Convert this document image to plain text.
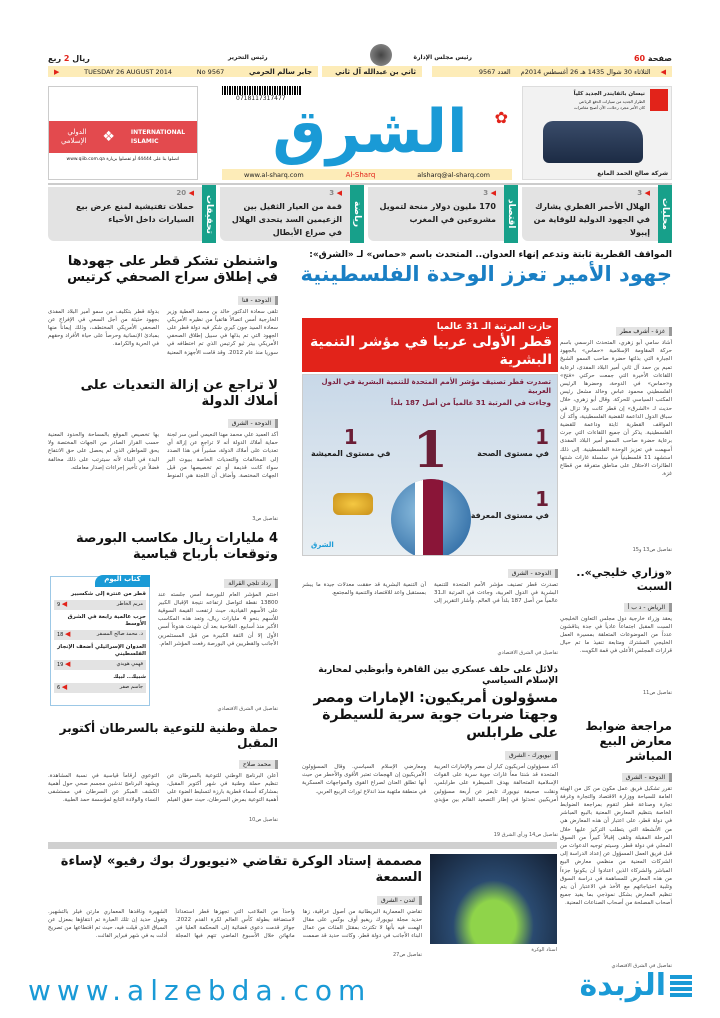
صفحة 60
رئيس مجلس الإدارة
رئيس التحرير
ريال 2 ربع
◀
الثلاثاء 30 شوال 1435 هـ 26 أغسطس 2014م
العدد 9567
ثاني بن عبدالله آل ثاني
جابر سالم الحرمي
No 9567
TUESDAY 26 AUGUST 2014
▶
نيسان باثفايندر الجديد كلياً
الطراز الجديد من سيارات الدفع الرباعي
كان الأمر مجرد رحلات، الآن أصبح مغامرات
شركة صالح الحمد المانع
0718117317477
الشرق	✿
alsharq@al-sharq.com
Al-Sharq
www.al-sharq.com
INTERNATIONAL
ISLAMIC
❖
الدولي
الإسلامي
اتصلوا بنا على 44444 أو تفضلوا بزيارة www.qiib.com.qa
محليات
◀ 3
الهلال الأحمر القطري يشارك في الجهود الدولية للوقاية من إيبولا
اقتصاد
◀ 3
170 مليون دولار منحة لتمويل مشروعين في المغرب
رياضة
◀ 3
قمة من العيار الثقيل بين الزعيمين السد يتحدى الهلال في صراع الأبطال
تحقيقات
◀ 20
حملات تفتيشية لمنع عرض بيع السيارات داخل الأحياء
المواقف القطرية ثابتة وتدعم إنهاء العدوان.. المتحدث باسم «حماس» لـ «الشرق»:
جهود الأمير تعزز الوحدة الفلسطينية
غزة - أشرف مطر
أشاد سامي أبو زهري، المتحدث الرسمي باسم حركة المقاومة الإسلامية «حماس» بالجهود الجبارة التي بذلتها حضرة صاحب السمو الشيخ تميم بن حمد آل ثاني أمير البلاد المفدى، لرعاية اللقاءات الأخيرة التي جمعت حركتي «فتح» و«حماس» في الدوحة، وحضرها الرئيس الفلسطيني محمود عباس وخالد مشعل رئيس المكتب السياسي للحركة. وقال أبو زهري، خلال حديث لـ «الشرق» إن قطر كانت ولا تزال في سباق الدول الداعمة للقضية الفلسطينية، وأكد أن المواقف القطرية ثابتة وداعمة للقضية الفلسطينية. يذكر أن جميع اللقاءات التي جرت برعاية حضرة صاحب السمو أمير البلاد المفدى أسهمت في تعزيز الوحدة الفلسطينية. إلى ذلك استشهد 11 فلسطينياً في سلسلة غارات شنتها الطائرات الاحتلال على مناطق متفرقة من قطاع غزة.
تفاصيل ص13 و15
«وزاري خليجي».. السبت
الرياض - د ب أ
يعقد وزراء خارجية دول مجلس التعاون الخليجي السبت المقبل اجتماعاً عادياً في جدة يناقشون عدداً من الموضوعات المتعلقة بمسيرة العمل الخليجي المشترك ومتابعة تنفيذ ما تم حيال قرارات المجلس الأعلى في قمة الكويت.
تفاصيل ص11
مراجعة ضوابط معارض البيع المباشر
الدوحة - الشرق
تقرر تشكيل فريق عمل مكون من كل من الهيئة العامة للسياحة ووزارة الاقتصاد والتجارة وغرفة تجارة وصناعة قطر لتقوم بمراجعة الضوابط الخاصة بتنظيم المعارض المعنية بالبيع المباشر في دولة قطر، على اعتبار أن هذه المعارض هي من الأنشطة التي يتطلب التركيز عليها خلال المرحلة المقبلة وتلقى إقبالاً كبيراً من السوق المحلي في دولة قطر. وسيتم توجيه الدعوات من قبل فريق العمل المسؤول عن إعداد الدراسة إلى الشركات المعنية من منظمي معارض البيع المباشر والشركاء الذين اعتادوا أن يكونوا جزءاً من هذه المعارض للمساهمة في دراسة السوق وتلبية احتياجاتهم مع الأخذ في الاعتبار أن يتم تنظيم المعارض بشكل نموذجي بما يفيد جميع أصحاب المصلحة من أصحاب الصناعات المعنية.
تفاصيل في الشرق الاقتصادي
حازت المرتبة الـ 31 عالميا
قطر الأولى عربيا في مؤشر التنمية البشرية
تصدرت قطر تصنيف مؤشر الأمم المتحدة للتنمية البشرية في الدول العربية
وجاءت في المرتبة 31 عالمياً من أصل 187 بلداً
1	1
في مستوى الصحة
1
في مستوى المعيشة
1
في مستوى المعرفة
الشرق
الدوحة - الشرق
تصدرت قطر تصنيف مؤشر الأمم المتحدة للتنمية البشرية في الدول العربية، وجاءت في المرتبة الـ31 عالمياً من أصل 187 بلداً في العالم. وأشار التقرير إلى أن التنمية البشرية قد حققت معدلات جيدة ما يبشر بمستقبل واعد للاقتصاد والتنمية والمجتمع.
تفاصيل في الشرق الاقتصادي
دلائل على حلف عسكري بين القاهرة وأبوظبي لمحاربة الإسلام السياسي
مسؤولون أمريكيون: الإمارات ومصر وجهتا ضربات جوية سرية للسيطرة على طرابلس
نيويورك - الشرق
أكد مسؤولون أمريكيون كبار أن مصر والإمارات العربية المتحدة قد شنتا معاً غارات جوية سرية على القوات الإسلامية المتحالفة بهدف السيطرة على طرابلس، ونقلت صحيفة نيويورك تايمز عن أربعة مسؤولين أمريكيين تحدثوا في إطار التصعيد القائم بين مؤيدي ومعارضي الإسلام السياسي. وقال المسؤولون الأمريكيون إن الهجمات تعتبر الأقوى والأخطر من حيث أنها تطلق العنان لصراع القوى والمواجهات العسكرية في منطقة ملتهبة منذ اندلاع ثورات الربيع العربي.
تفاصيل ص14 ورأي الشرق 19
واشنطن تشكر قطر على جهودها في إطلاق سراح الصحفي كرتيس
الدوحة - قنا
تلقى سعادة الدكتور خالد بن محمد العطية وزير الخارجية أمس اتصالاً هاتفياً من نظيره الأمريكي سعادة السيد جون كيري شكر فيه دولة قطر على الجهود التي تم بذلها في سبيل إطلاق الصحفي الأمريكي بيتر ثيو كرتيس الذي تم اختطافه في سوريا منذ عام 2012. وقد قامت الأجهزة المعنية بدولة قطر بتكليف من سمو أمير البلاد المفدى بجهود حثيثة من أجل السعي في الإفراج عن الصحفي الأمريكي المختطف، وذلك إيماناً منها بمبادئ الإنسانية وحرصاً على حياة الأفراد وحقهم في الحرية والكرامة.
لا تراجع عن إزالة التعديات على أملاك الدولة
الدوحة - الشرق
أكد العميد علي محمد مهنا النعيمي أمين سر لجنة حماية أملاك الدولة أنه لا تراجع عن إزالة أي تعديات على أملاك الدولة، مشيراً في هذا الصدد إلى المخالفات والتعديات الخاصة ببيوت البر سواء كانت قديمة أو تم تخصيصها من قبل الجهات المختصة. وأضاف أن اللجنة هي المنوط بها تخصيص الموقع بالمساحة والحدود المعنية حسب القرار الصادر من الجهات المختصة ولا يحق للمواطن الذي لم يحصل على حق الانتفاع البدء في البناء لأنه سيترتب على ذلك مخالفة فضلاً عن تأخير إجراءات إصدار معاملته.
تفاصيل ص3
4 مليارات ريال مكاسب البورصة وتوقعات بأرباح قياسية
رداد تلجي القرالة
اختتم المؤشر العام للبورصة أمس جلسته عند 13800 نقطة لتواصل ارتفاعه نتيجة الإقبال الكبير على الأسهم القيادية، حيث ارتفعت القيمة السوقية للأسهم بنحو 4 مليارات ريال، وتعد هذه المكاسب الأكبر منذ أسابيع. الفلاحية بعد أن شهدت هدوءاً أمس الأول إلا أن الثقة الكبيرة من قبل المستثمرين الأجانب والقطريين في البورصة رفعت المؤشر العام.
تفاصيل في الشرق الاقتصادي
كتاب اليوم
قطر من عنترة إلى شكسبير
مريم الخاطر
◀ 9
حرب عالمية رابعة في الشرق الأوسط
د. محمد صالح المسفر
◀ 18
العدوان الإسرائيلي أضعف الإنجاز الفلسطيني
فهمي هويدي
◀ 19
شبيك.. لبيك
جاسم صفر
◀ 6
حملة وطنية للتوعية بالسرطان أكتوبر المقبل
محمد صلاح
أعلن البرنامج الوطني للتوعية بالسرطان عن تنظيم حملة وطنية في شهر أكتوبر المقبل، بمشاركة أسماء قطرية بارزة لتسليط الضوء على أهمية التوعية بمرض السرطان، حيث حقق الفيلم التوعوي أرقاماً قياسية في نسبة المشاهدة. ويشهد البرنامج تدشين مجسم صحي حول أهمية الكشف المبكر عن السرطان في مستشفى النساء والولادة التابع لمؤسسة حمد الطبية.
تفاصيل ص10
استاد الوكرة
مصممة إستاد الوكرة تقاضي «نيويورك بوك رفيو» لإساءة السمعة
لندن - الشرق
تقاضي المعمارية البريطانية من أصول عراقية، زها حديد مجلة نيويورك ريفيو أوف بوكس على مقال الهمت فيه بأنها لا تكترث بمقتل المئات من عمال البناء الأجانب في دولة قطر. وكانت حديد قد صممت واحداً من الملاعب التي تجهزها قطر استعداداً لاستضافة بطولة كأس العالم لكرة القدم 2022. جوائز قدمت دعوى قضائية إلى المحكمة العليا في مانهاتن خلال الأسبوع الماضي تتهم فيها المجلة الشهيرة وناقدها المعماري مارتن فيلر بالتشهير. وتقول حديد إن تلك العبارة تم انتقاؤها بمعزل عن السياق الذي قيلت فيه، حيث تم اقتطاعها من تصريح أدلت به في شهر فبراير الفائت.
تفاصيل ص27
www.alzebda.com	الزبدة
